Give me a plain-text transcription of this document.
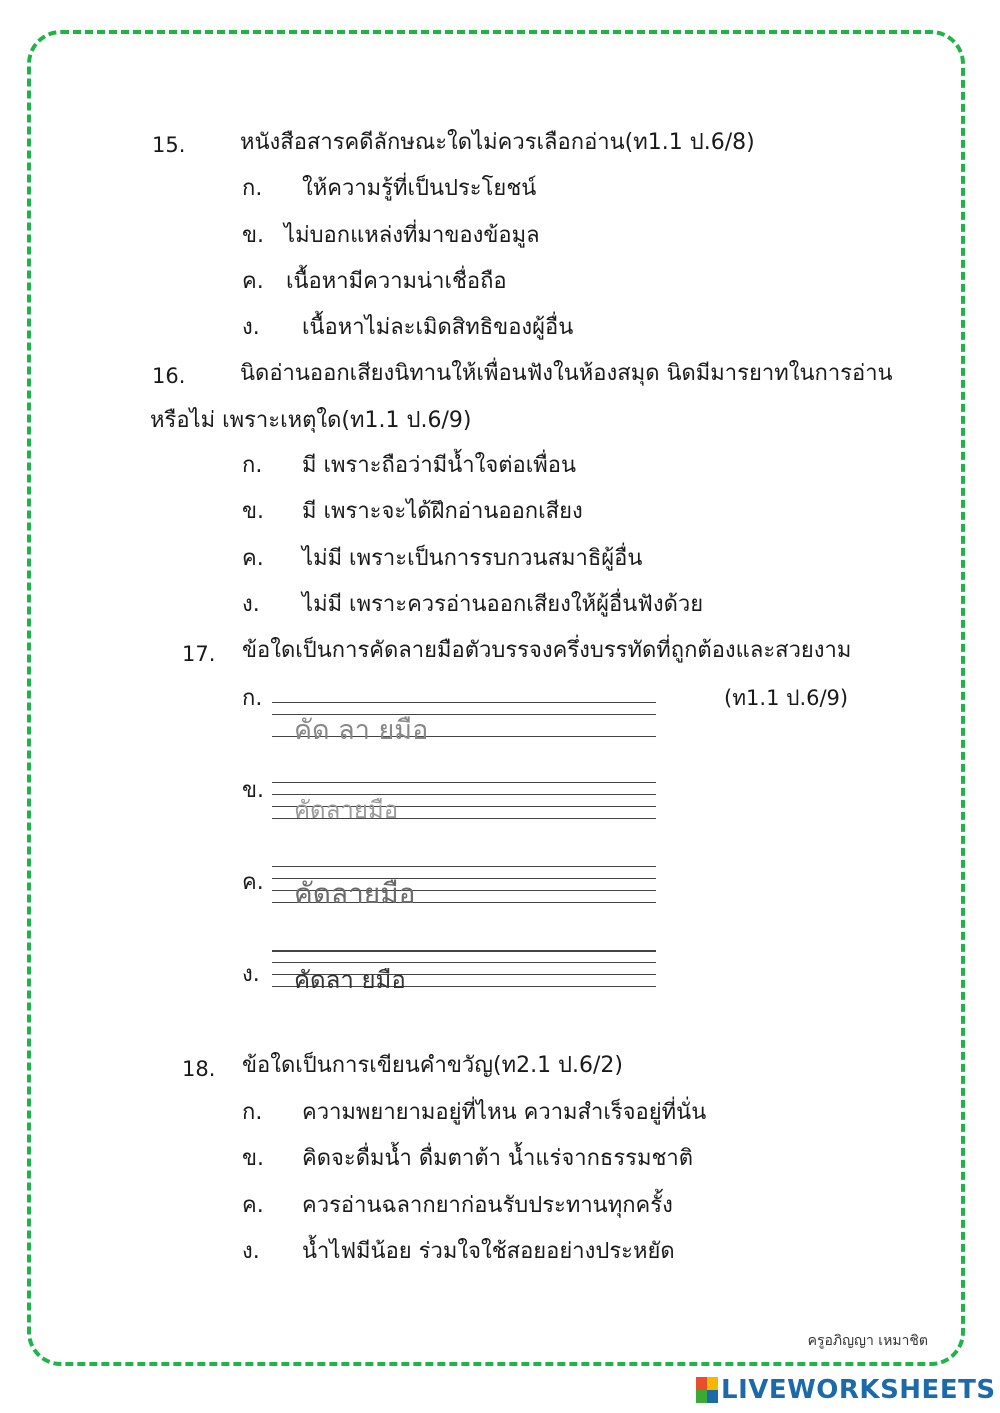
15. หนังสือสารคดีลักษณะใดไม่ควรเลือกอ่าน(ท1.1 ป.6/8)
ก. ให้ความรู้ที่เป็นประโยชน์
ข. ไม่บอกแหล่งที่มาของข้อมูล
ค. เนื้อหามีความน่าเชื่อถือ
ง. เนื้อหาไม่ละเมิดสิทธิของผู้อื่น
16. นิดอ่านออกเสียงนิทานให้เพื่อนฟังในห้องสมุด นิดมีมารยาทในการอ่าน
หรือไม่ เพราะเหตุใด(ท1.1 ป.6/9)
ก. มี เพราะถือว่ามีน้ำใจต่อเพื่อน
ข. มี เพราะจะได้ฝึกอ่านออกเสียง
ค. ไม่มี เพราะเป็นการรบกวนสมาธิผู้อื่น
ง. ไม่มี เพราะควรอ่านออกเสียงให้ผู้อื่นฟังด้วย
17. ข้อใดเป็นการคัดลายมือตัวบรรจงครึ่งบรรทัดที่ถูกต้องและสวยงาม
(ท1.1 ป.6/9)
ก.
คัด ลา ยมือ
ข.
คัดลายมือ
ค. คัดลายมือ
ง. คัดลา ยมือ
18. ข้อใดเป็นการเขียนคำขวัญ(ท2.1 ป.6/2)
ก. ความพยายามอยู่ที่ไหน ความสำเร็จอยู่ที่นั่น
ข. คิดจะดื่มน้ำ ดื่มตาต้า น้ำแร่จากธรรมชาติ
ค. ควรอ่านฉลากยาก่อนรับประทานทุกครั้ง
ง. น้ำไฟมีน้อย ร่วมใจใช้สอยอย่างประหยัด
ครูอภิญญา เหมาชิต
LIVEWORKSHEETS
